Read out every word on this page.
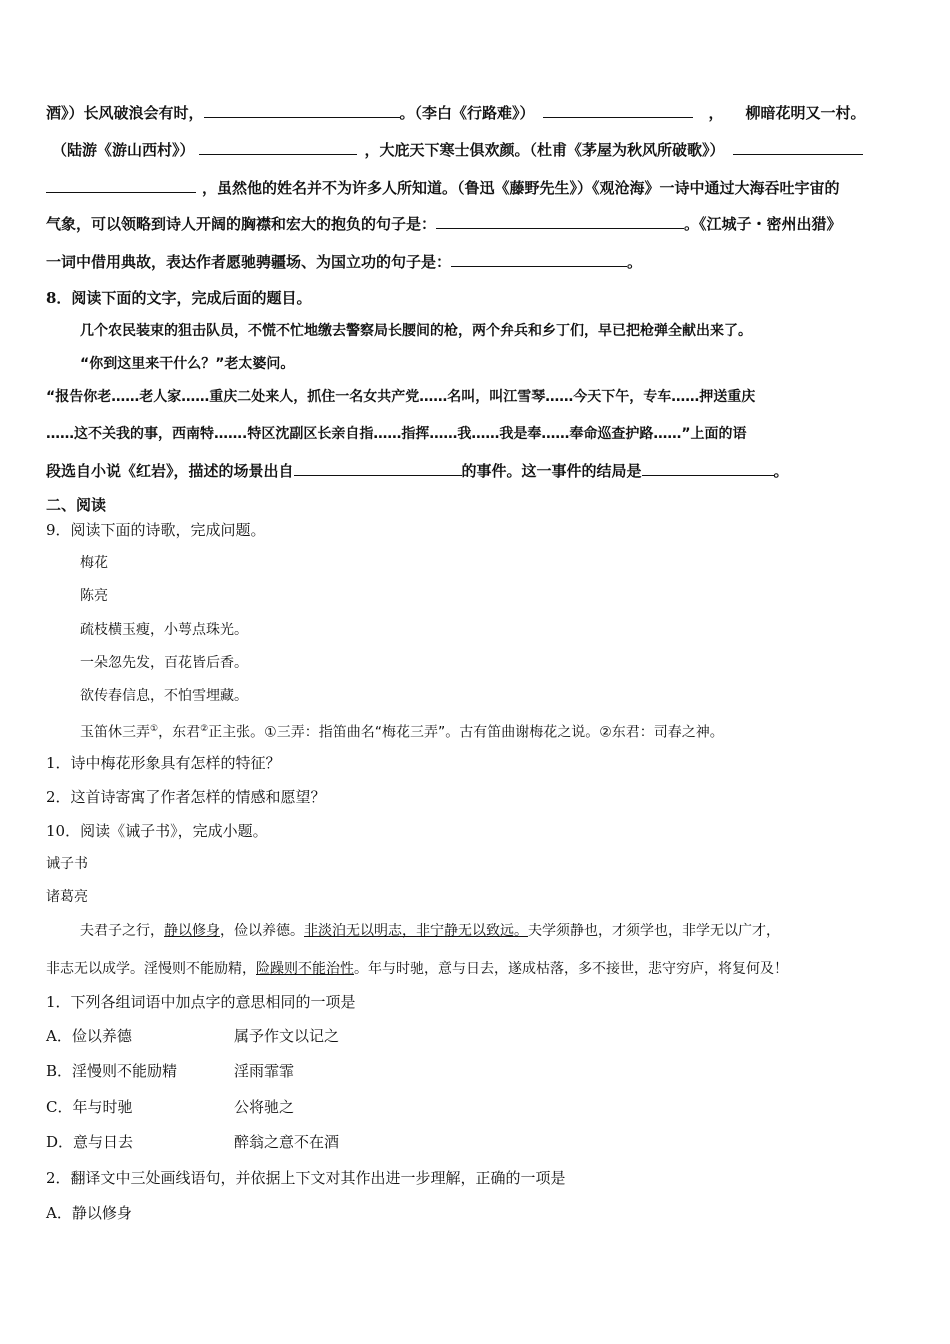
酒》）长风破浪会有时，	。（李白《行路难》）	， 柳暗花明又一村。
（陆游《游山西村》）	，大庇天下寒士俱欢颜。（杜甫《茅屋为秋风所破歌》）
，虽然他的姓名并不为许多人所知道。（鲁迅《藤野先生》）《观沧海》一诗中通过大海吞吐宇宙的
气象，可以领略到诗人开阔的胸襟和宏大的抱负的句子是：	。《江城子・密州出猎》
一词中借用典故，表达作者愿驰骋疆场、为国立功的句子是：	。
8．阅读下面的文字，完成后面的题目。
几个农民装束的狙击队员，不慌不忙地缴去警察局长腰间的枪，两个弁兵和乡丁们，早已把枪弹全献出来了。
“你到这里来干什么？”老太婆问。
“报告你老……老人家……重庆二处来人，抓住一名女共产党……名叫，叫江雪琴……今天下午，专车……押送重庆
……这不关我的事，西南特…….特区沈副区长亲自指……指挥……我……我是奉……奉命巡查护路……”上面的语
段选自小说《红岩》，描述的场景出自	的事件。这一事件的结局是	。
二、阅读
9．阅读下面的诗歌，完成问题。
梅花
陈亮
疏枝横玉瘦，小萼点珠光。
一朵忽先发，百花皆后香。
欲传春信息，不怕雪埋藏。
玉笛休三弄①，东君②正主张。①三弄：指笛曲名“梅花三弄”。古有笛曲谢梅花之说。②东君：司春之神。
1．诗中梅花形象具有怎样的特征？
2．这首诗寄寓了作者怎样的情感和愿望？
10．阅读《诫子书》，完成小题。
诫子书
诸葛亮
夫君子之行，静以修身，俭以养德。非淡泊无以明志，非宁静无以致远。夫学须静也，才须学也，非学无以广才，
非志无以成学。淫慢则不能励精，险躁则不能治性。年与时驰，意与日去，遂成枯落，多不接世，悲守穷庐，将复何及！
1．下列各组词语中加点字的意思相同的一项是
A．俭以养德	属予作文以记之
B．淫慢则不能励精	淫雨霏霏
C．年与时驰	公将驰之
D．意与日去	醉翁之意不在酒
2．翻译文中三处画线语句，并依据上下文对其作出进一步理解，正确的一项是
A．静以修身
